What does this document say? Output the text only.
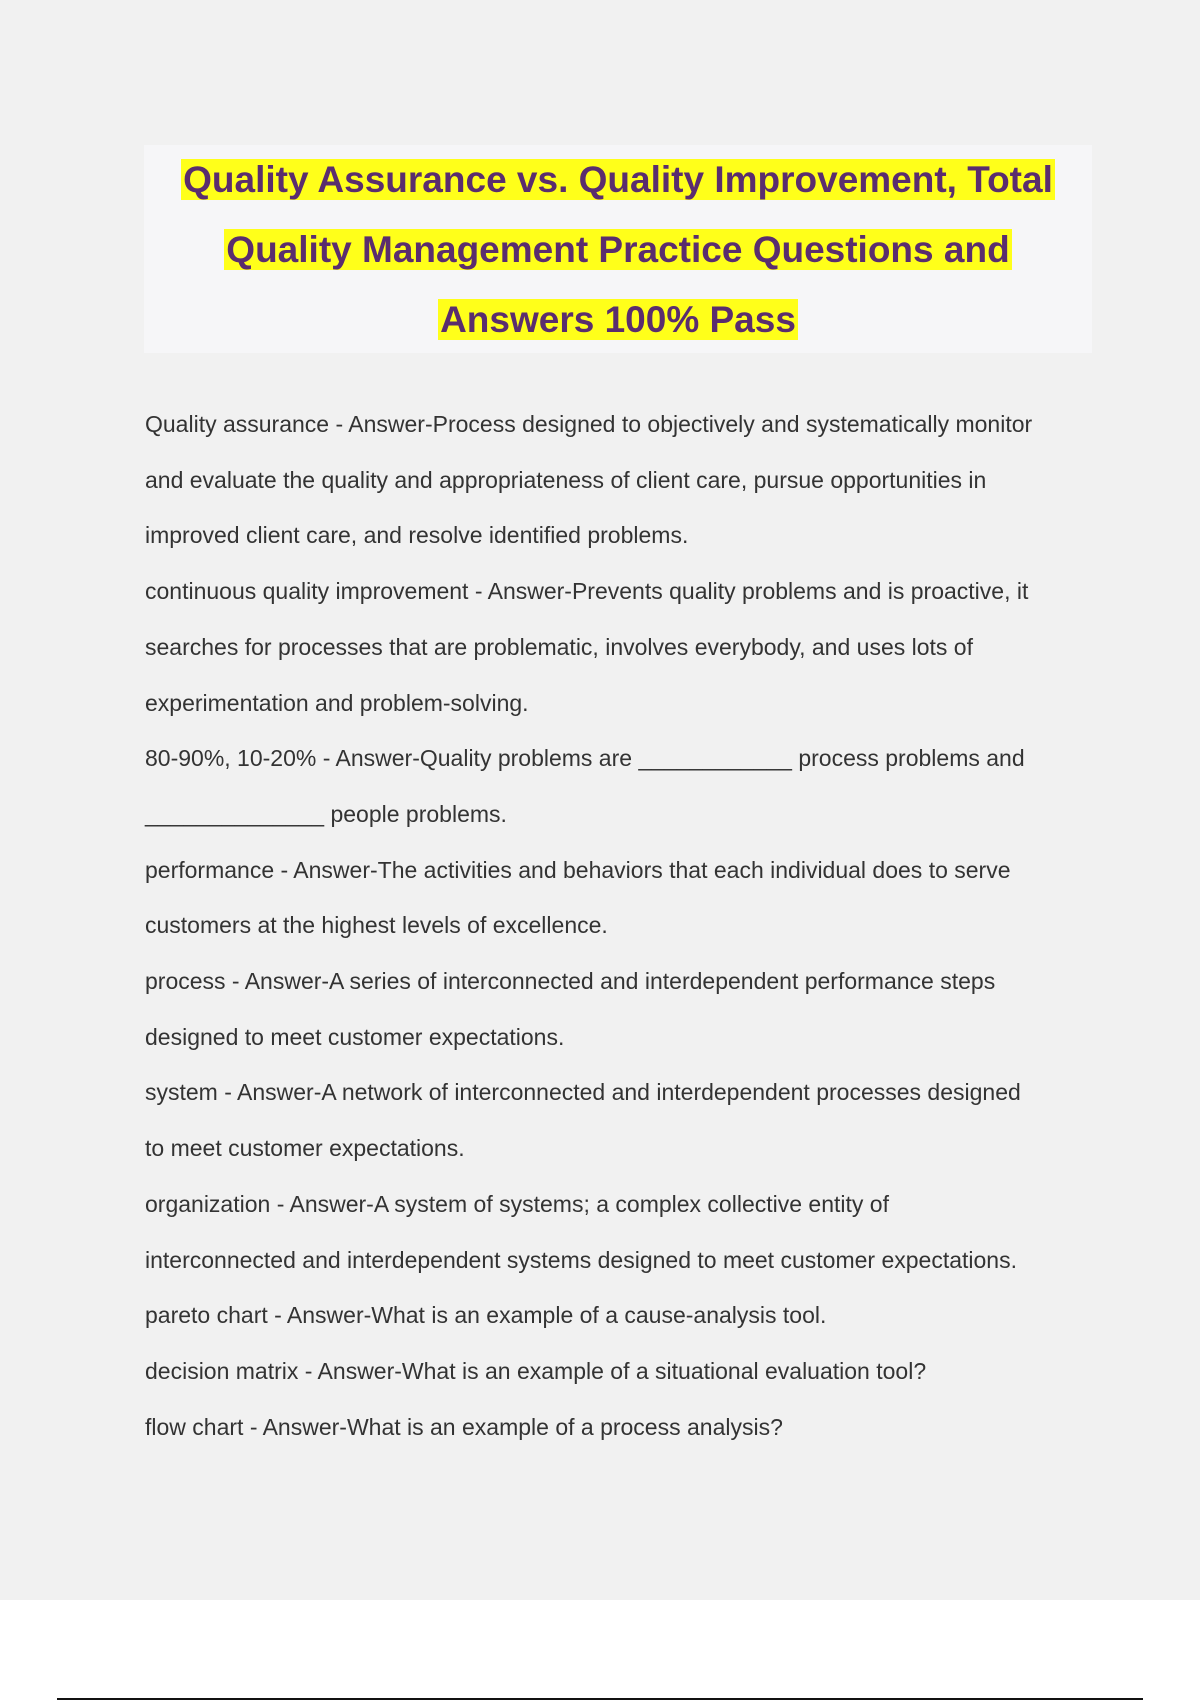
Quality Assurance vs. Quality Improvement, Total
Quality Management Practice Questions and
Answers 100% Pass

Quality assurance - Answer-Process designed to objectively and systematically monitor

and evaluate the quality and appropriateness of client care, pursue opportunities in

improved client care, and resolve identified problems.

continuous quality improvement - Answer-Prevents quality problems and is proactive, it

searches for processes that are problematic, involves everybody, and uses lots of

experimentation and problem-solving.

80-90%, 10-20% - Answer-Quality problems are ____________ process problems and

______________ people problems.

performance - Answer-The activities and behaviors that each individual does to serve

customers at the highest levels of excellence.

process - Answer-A series of interconnected and interdependent performance steps

designed to meet customer expectations.

system - Answer-A network of interconnected and interdependent processes designed

to meet customer expectations.

organization - Answer-A system of systems; a complex collective entity of

interconnected and interdependent systems designed to meet customer expectations.

pareto chart - Answer-What is an example of a cause-analysis tool.

decision matrix - Answer-What is an example of a situational evaluation tool?

flow chart - Answer-What is an example of a process analysis?
